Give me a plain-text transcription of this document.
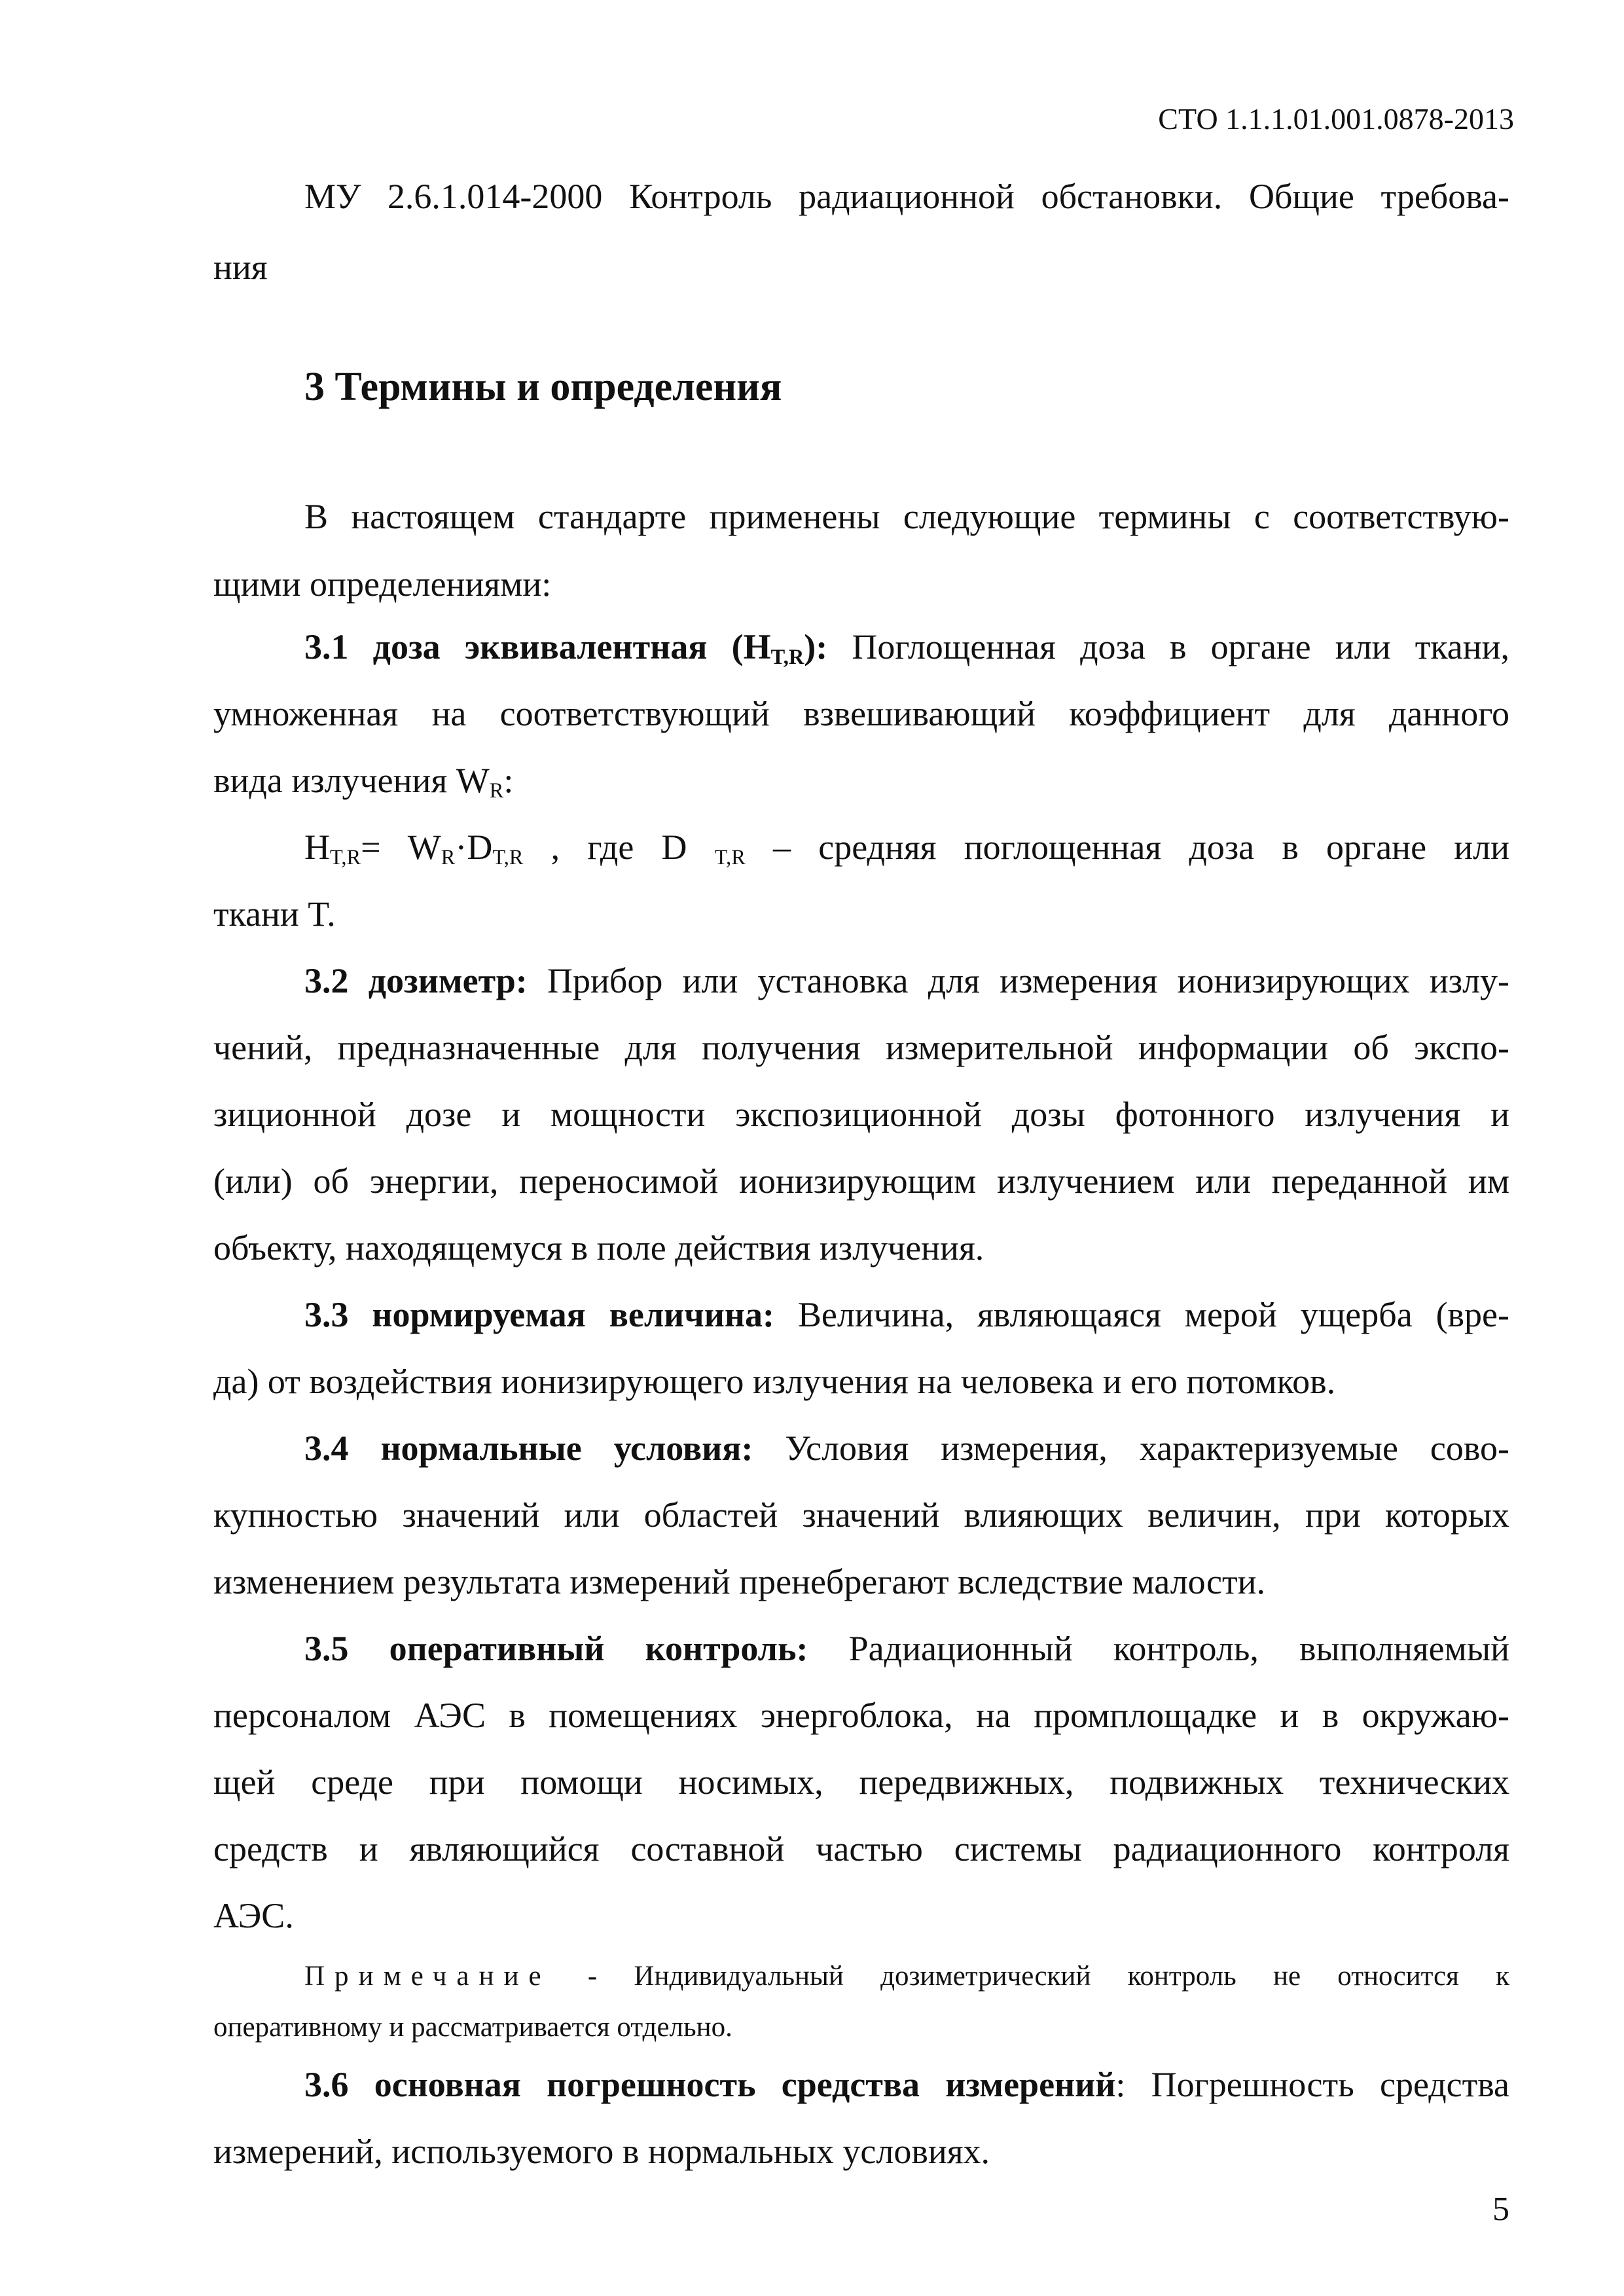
СТО 1.1.1.01.001.0878-2013
МУ 2.6.1.014-2000 Контроль радиационной обстановки. Общие требова-
ния
3 Термины и определения
В настоящем стандарте применены следующие термины с соответствую-
щими определениями:
3.1 доза эквивалентная $(H_{T,R})$: Поглощенная доза в органе или ткани,
умноженная на соответствующий взвешивающий коэффициент для данного
вида излучения $W_R$:
$H_{T,R}= W_R\cdot D_{T,R}$ , где D $_{T,R}$ – средняя поглощенная доза в органе или
ткани T.
3.2 дозиметр: Прибор или установка для измерения ионизирующих излу-
чений, предназначенные для получения измерительной информации об экспо-
зиционной дозе и мощности экспозиционной дозы фотонного излучения и
(или) об энергии, переносимой ионизирующим излучением или переданной им
объекту, находящемуся в поле действия излучения.
3.3 нормируемая величина: Величина, являющаяся мерой ущерба (вре-
да) от воздействия ионизирующего излучения на человека и его потомков.
3.4 нормальные условия: Условия измерения, характеризуемые сово-
купностью значений или областей значений влияющих величин, при которых
изменением результата измерений пренебрегают вследствие малости.
3.5 оперативный контроль: Радиационный контроль, выполняемый
персоналом АЭС в помещениях энергоблока, на промплощадке и в окружаю-
щей среде при помощи носимых, передвижных, подвижных технических
средств и являющийся составной частью системы радиационного контроля
АЭС.
Примечание - Индивидуальный дозиметрический контроль не относится к
оперативному и рассматривается отдельно.
3.6 основная погрешность средства измерений: Погрешность средства
измерений, используемого в нормальных условиях.
5
